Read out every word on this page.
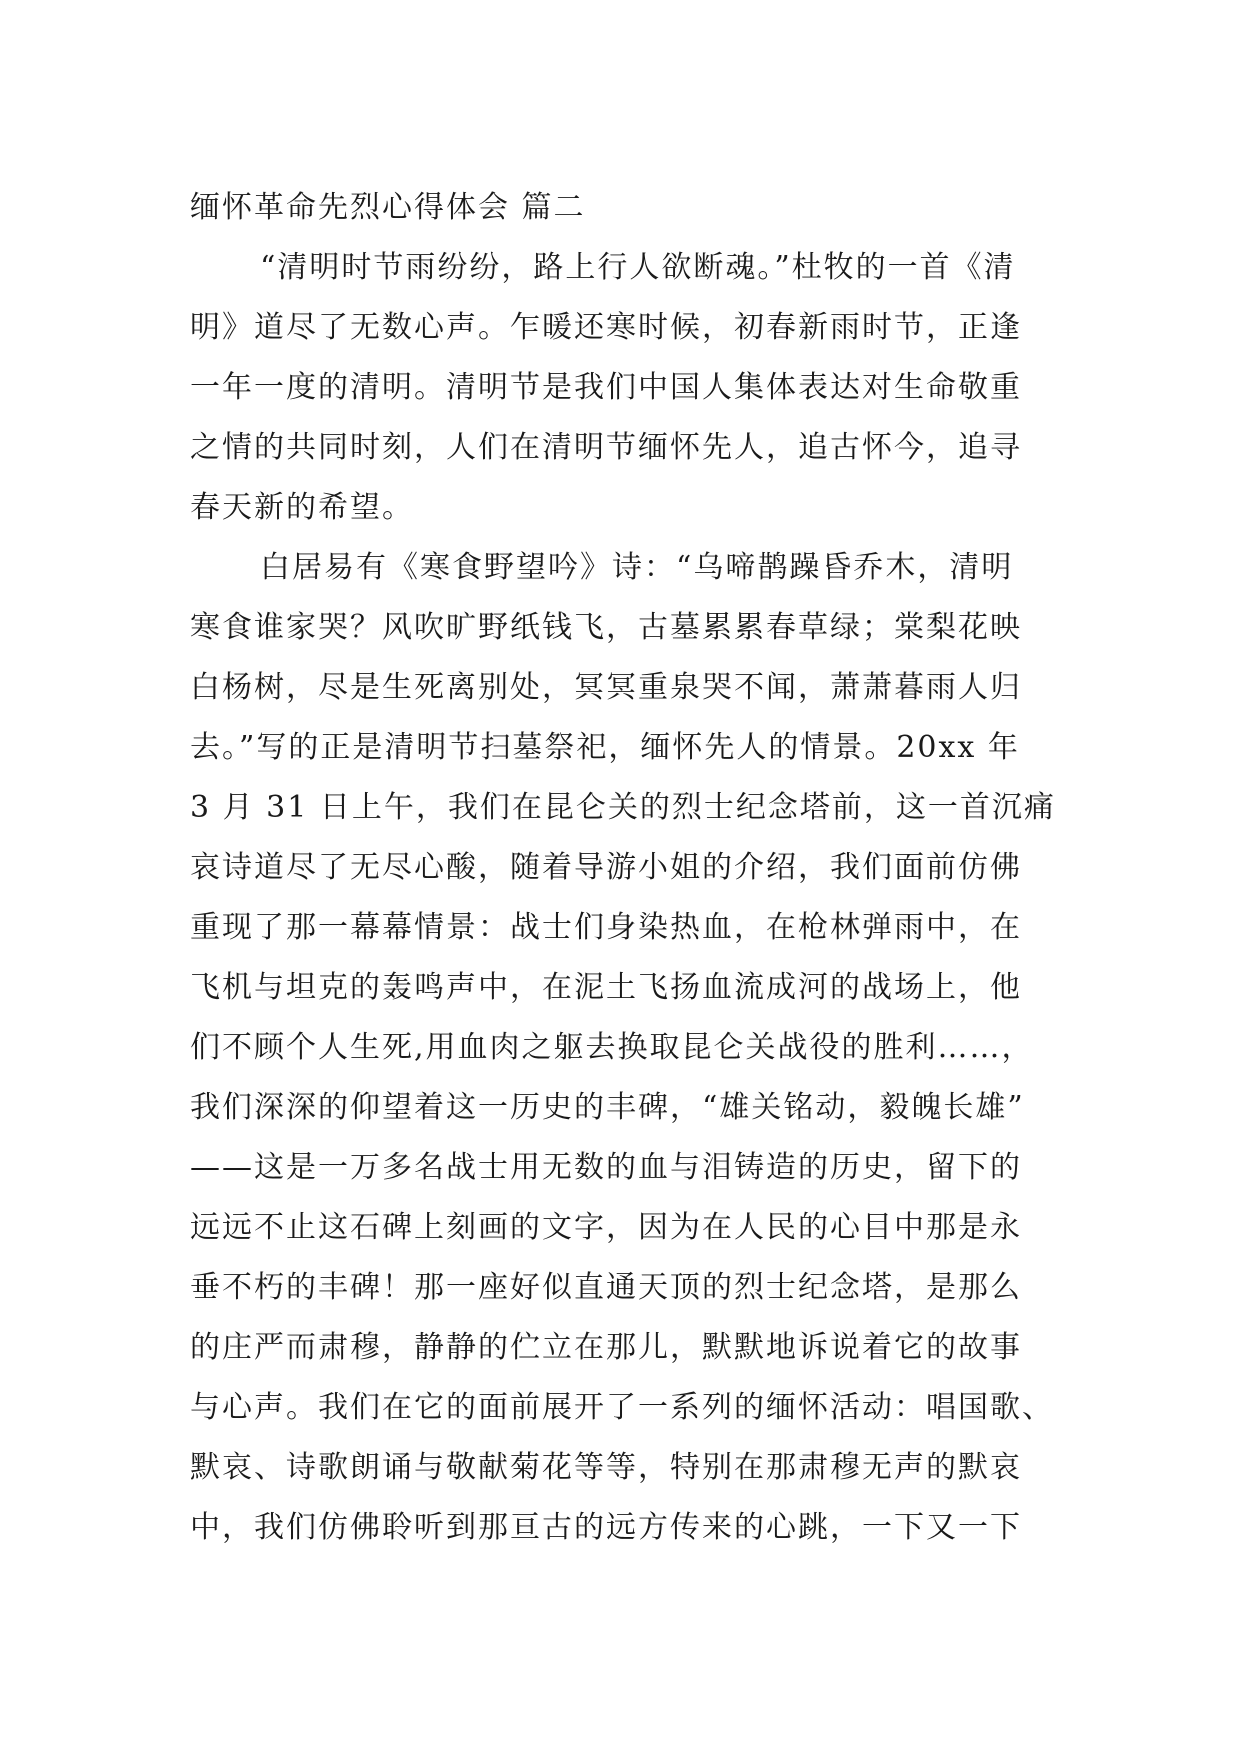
缅怀革命先烈心得体会 篇二
“清明时节雨纷纷，路上行人欲断魂。”杜牧的一首《清
明》道尽了无数心声。乍暖还寒时候，初春新雨时节，正逢
一年一度的清明。清明节是我们中国人集体表达对生命敬重
之情的共同时刻，人们在清明节缅怀先人，追古怀今，追寻
春天新的希望。
白居易有《寒食野望吟》诗：“乌啼鹊躁昏乔木，清明
寒食谁家哭？风吹旷野纸钱飞，古墓累累春草绿；棠梨花映
白杨树，尽是生死离别处，冥冥重泉哭不闻，萧萧暮雨人归
去。”写的正是清明节扫墓祭祀，缅怀先人的情景。20xx 年
3 月 31 日上午，我们在昆仑关的烈士纪念塔前，这一首沉痛
哀诗道尽了无尽心酸，随着导游小姐的介绍，我们面前仿佛
重现了那一幕幕情景：战士们身染热血，在枪林弹雨中，在
飞机与坦克的轰鸣声中，在泥土飞扬血流成河的战场上，他
们不顾个人生死,用血肉之躯去换取昆仑关战役的胜利……，
我们深深的仰望着这一历史的丰碑，“雄关铭动，毅魄长雄”
——这是一万多名战士用无数的血与泪铸造的历史，留下的
远远不止这石碑上刻画的文字，因为在人民的心目中那是永
垂不朽的丰碑！那一座好似直通天顶的烈士纪念塔，是那么
的庄严而肃穆，静静的伫立在那儿，默默地诉说着它的故事
与心声。我们在它的面前展开了一系列的缅怀活动：唱国歌、
默哀、诗歌朗诵与敬献菊花等等，特别在那肃穆无声的默哀
中，我们仿佛聆听到那亘古的远方传来的心跳，一下又一下
